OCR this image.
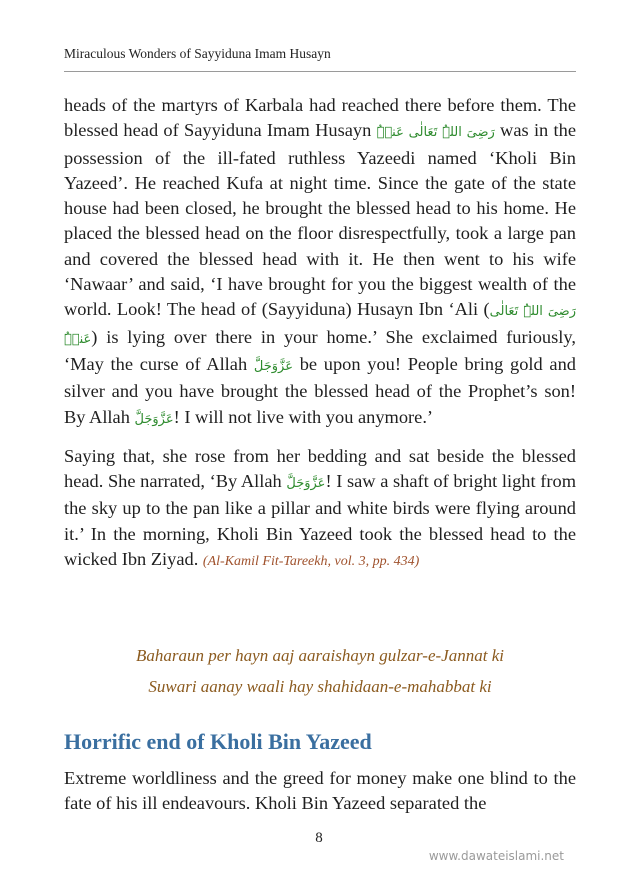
Miraculous Wonders of Sayyiduna Imam Husayn

heads of the martyrs of Karbala had reached there before them. The blessed head of Sayyiduna Imam Husayn رَضِیَ اللہُ تَعَالٰی عَنۡہُ was in the possession of the ill-fated ruthless Yazeedi named ‘Kholi Bin Yazeed’. He reached Kufa at night time. Since the gate of the state house had been closed, he brought the blessed head to his home. He placed the blessed head on the floor disrespectfully, took a large pan and covered the blessed head with it. He then went to his wife ‘Nawaar’ and said, ‘I have brought for you the biggest wealth of the world. Look! The head of (Sayyiduna) Husayn Ibn ‘Ali (رَضِیَ اللہُ تَعَالٰی عَنۡہُ) is lying over there in your home.’ She exclaimed furiously, ‘May the curse of Allah عَزَّوَجَلَّ be upon you! People bring gold and silver and you have brought the blessed head of the Prophet’s son! By Allah عَزَّوَجَلَّ! I will not live with you anymore.’

Saying that, she rose from her bedding and sat beside the blessed head. She narrated, ‘By Allah عَزَّوَجَلَّ! I saw a shaft of bright light from the sky up to the pan like a pillar and white birds were flying around it.’ In the morning, Kholi Bin Yazeed took the blessed head to the wicked Ibn Ziyad. (Al-Kamil Fit-Tareekh, vol. 3, pp. 434)

Baharaun per hayn aaj aaraishayn gulzar-e-Jannat ki
Suwari aanay waali hay shahidaan-e-mahabbat ki
Horrific end of Kholi Bin Yazeed

Extreme worldliness and the greed for money make one blind to the fate of his ill endeavours. Kholi Bin Yazeed separated the

8
www.dawateislami.net
